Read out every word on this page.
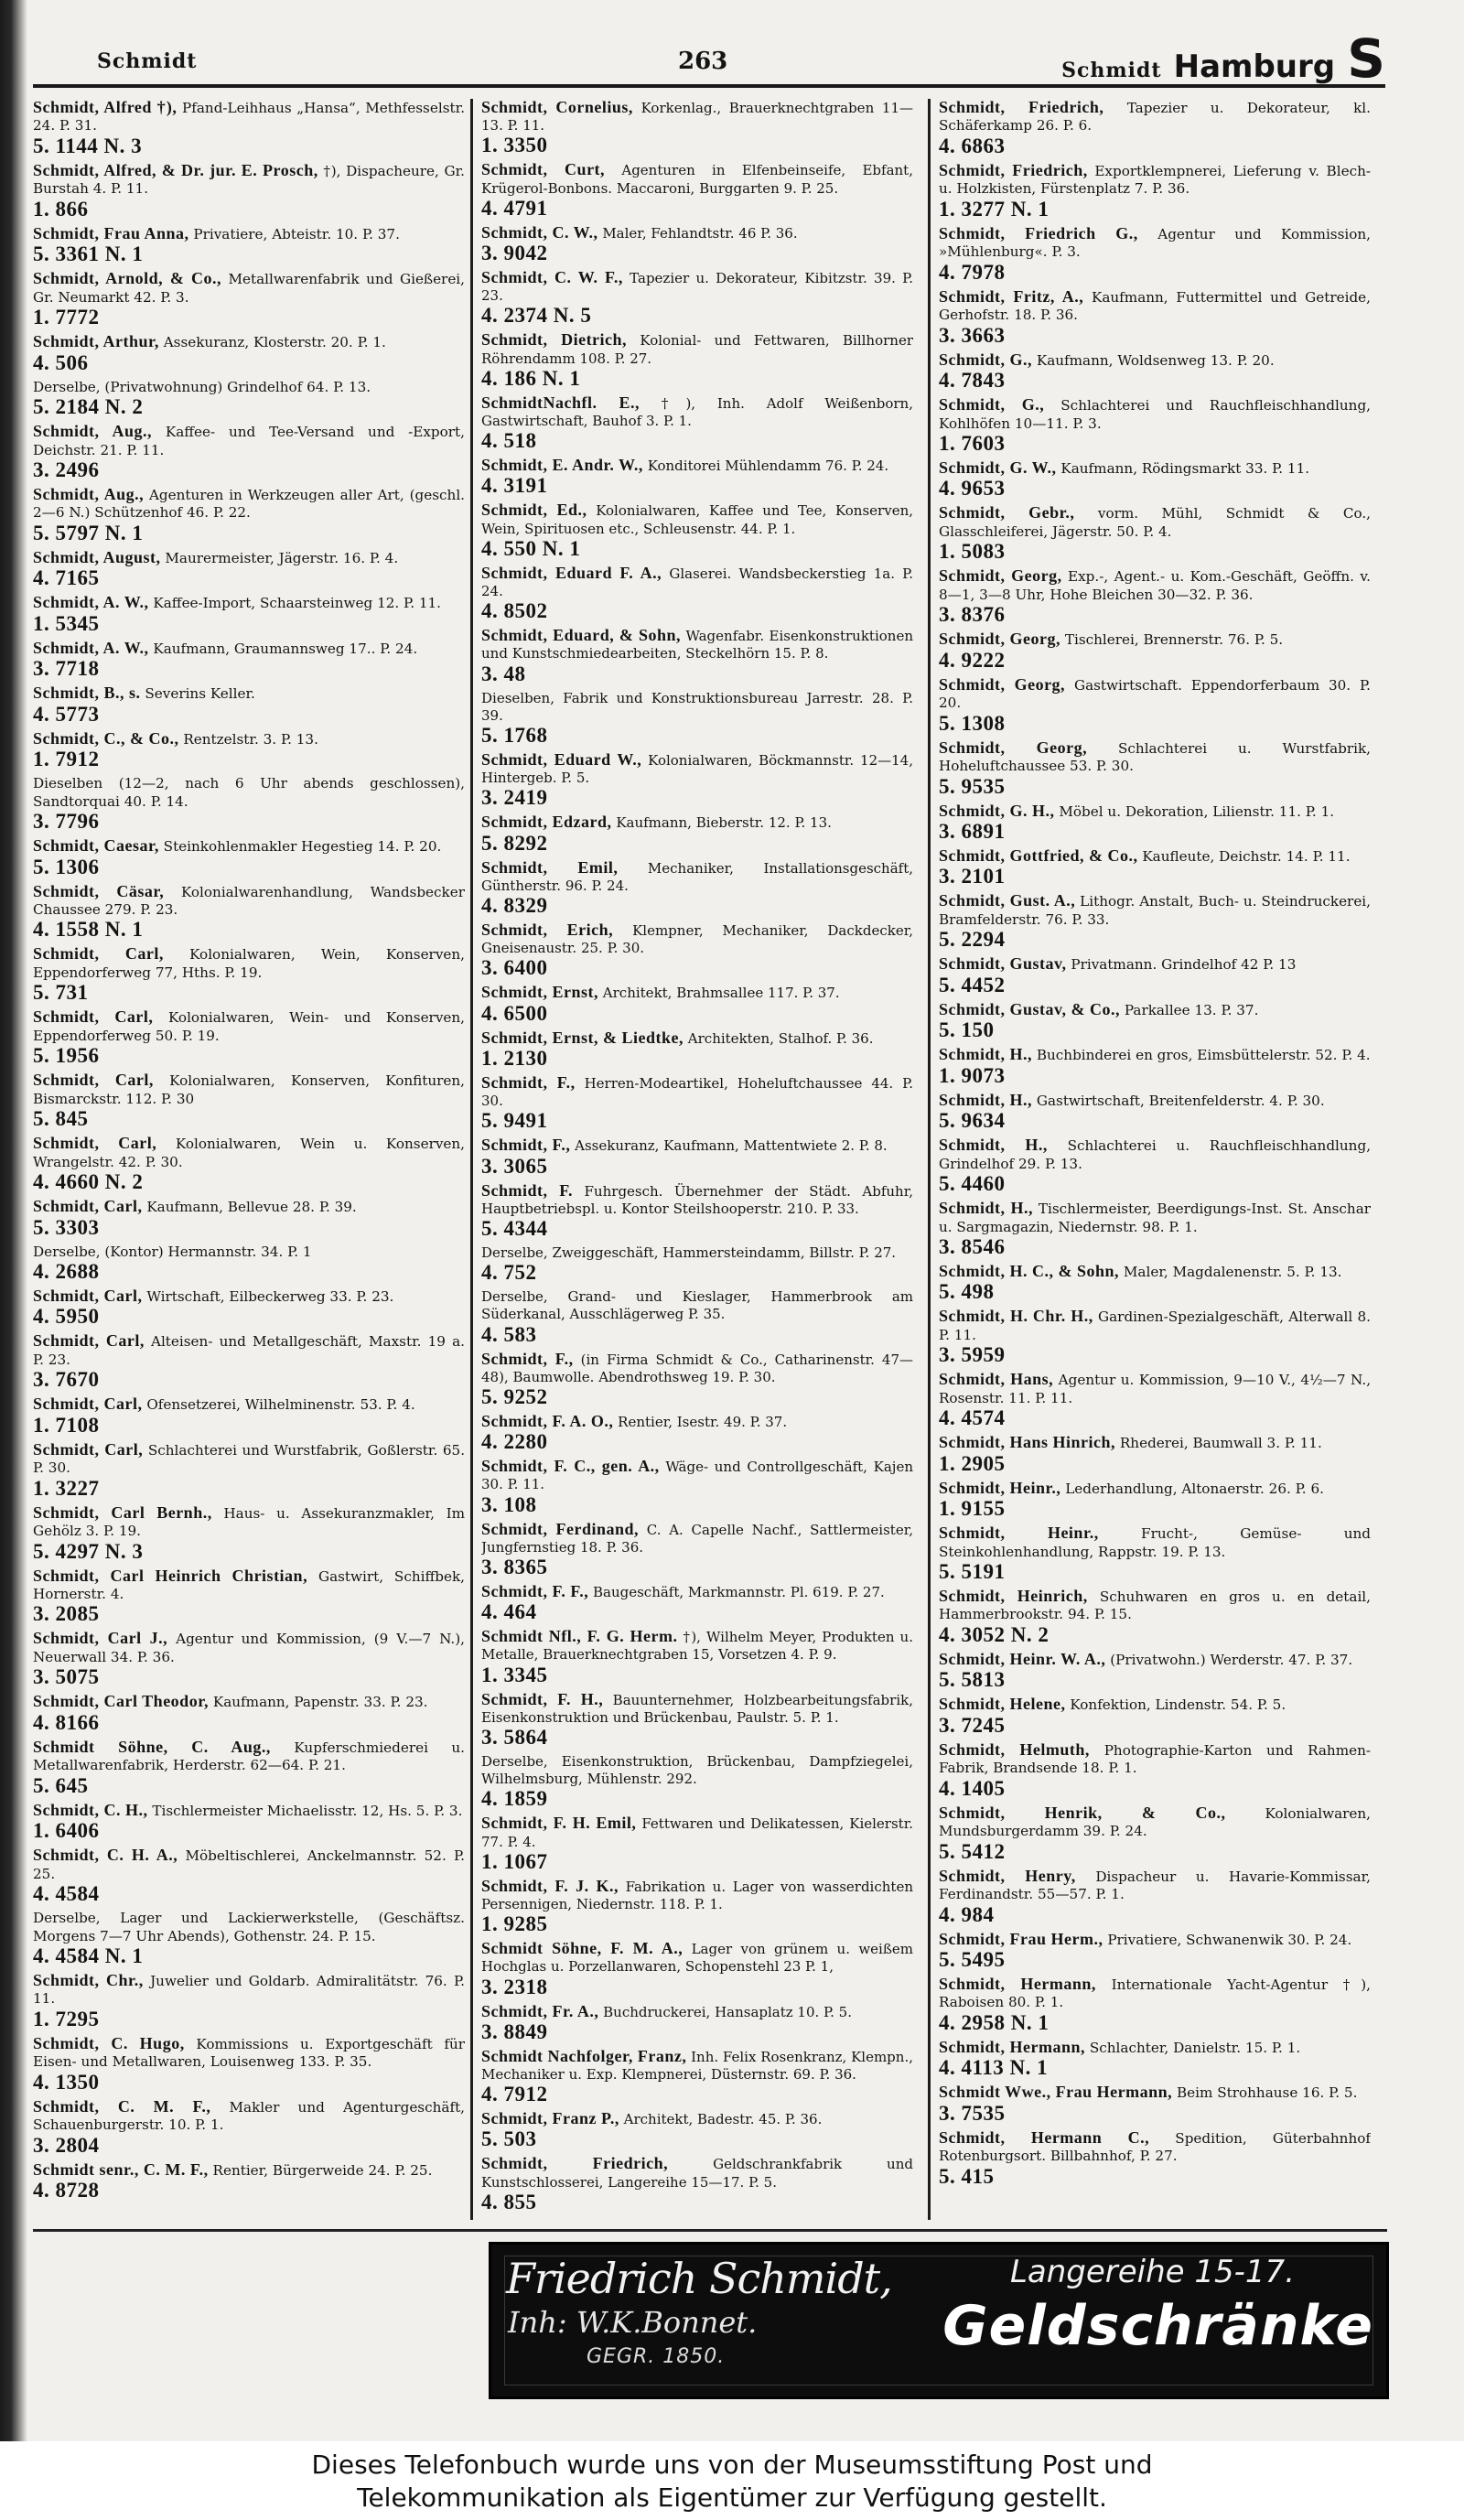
Schmidt	263	Schmidt Hamburg S

Schmidt, Alfred †), Pfand-Leihhaus „Hansa“, Methfesselstr. 24. P. 31.
5. 1144 N. 3

Schmidt, Alfred, & Dr. jur. E. Prosch, †), Dispacheure, Gr. Burstah 4. P. 11.
1. 866

Schmidt, Frau Anna, Privatiere, Abteistr. 10. P. 37.
5. 3361 N. 1

Schmidt, Arnold, & Co., Metallwarenfabrik und Gießerei, Gr. Neumarkt 42. P. 3.
1. 7772

Schmidt, Arthur, Assekuranz, Klosterstr. 20. P. 1.
4. 506

Derselbe, (Privatwohnung) Grindelhof 64. P. 13.
5. 2184 N. 2

Schmidt, Aug., Kaffee- und Tee-Versand und -Export, Deichstr. 21. P. 11.
3. 2496

Schmidt, Aug., Agenturen in Werkzeugen aller Art, (geschl. 2—6 N.) Schützenhof 46. P. 22.
5. 5797 N. 1

Schmidt, August, Maurermeister, Jägerstr. 16. P. 4.
4. 7165

Schmidt, A. W., Kaffee-Import, Schaarsteinweg 12. P. 11.
1. 5345

Schmidt, A. W., Kaufmann, Graumannsweg 17.. P. 24.
3. 7718

Schmidt, B., s. Severins Keller.
4. 5773

Schmidt, C., & Co., Rentzelstr. 3. P. 13.
1. 7912

Dieselben (12—2, nach 6 Uhr abends geschlossen), Sandtorquai 40. P. 14.
3. 7796

Schmidt, Caesar, Steinkohlenmakler Hegestieg 14. P. 20.
5. 1306

Schmidt, Cäsar, Kolonialwarenhandlung, Wandsbecker Chaussee 279. P. 23.
4. 1558 N. 1

Schmidt, Carl, Kolonialwaren, Wein, Konserven, Eppendorferweg 77, Hths. P. 19.
5. 731

Schmidt, Carl, Kolonialwaren, Wein- und Konserven, Eppendorferweg 50. P. 19.
5. 1956

Schmidt, Carl, Kolonialwaren, Konserven, Konfituren, Bismarckstr. 112. P. 30
5. 845

Schmidt, Carl, Kolonialwaren, Wein u. Konserven, Wrangelstr. 42. P. 30.
4. 4660 N. 2

Schmidt, Carl, Kaufmann, Bellevue 28. P. 39.
5. 3303

Derselbe, (Kontor) Hermannstr. 34. P. 1
4. 2688

Schmidt, Carl, Wirtschaft, Eilbeckerweg 33. P. 23.
4. 5950

Schmidt, Carl, Alteisen- und Metallgeschäft, Maxstr. 19 a. P. 23.
3. 7670

Schmidt, Carl, Ofensetzerei, Wilhelminenstr. 53. P. 4.
1. 7108

Schmidt, Carl, Schlachterei und Wurstfabrik, Goßlerstr. 65. P. 30.
1. 3227

Schmidt, Carl Bernh., Haus- u. Assekuranzmakler, Im Gehölz 3. P. 19.
5. 4297 N. 3

Schmidt, Carl Heinrich Christian, Gastwirt, Schiffbek, Hornerstr. 4.
3. 2085

Schmidt, Carl J., Agentur und Kommission, (9 V.—7 N.), Neuerwall 34. P. 36.
3. 5075

Schmidt, Carl Theodor, Kaufmann, Papenstr. 33. P. 23.
4. 8166

Schmidt Söhne, C. Aug., Kupferschmiederei u. Metallwarenfabrik, Herderstr. 62—64. P. 21.
5. 645

Schmidt, C. H., Tischlermeister Michaelisstr. 12, Hs. 5. P. 3.
1. 6406

Schmidt, C. H. A., Möbeltischlerei, Anckelmannstr. 52. P. 25.
4. 4584

Derselbe, Lager und Lackierwerkstelle, (Geschäftsz. Morgens 7—7 Uhr Abends), Gothenstr. 24. P. 15.
4. 4584 N. 1

Schmidt, Chr., Juwelier und Goldarb. Admiralitätstr. 76. P. 11.
1. 7295

Schmidt, C. Hugo, Kommissions u. Exportgeschäft für Eisen- und Metallwaren, Louisenweg 133. P. 35.
4. 1350

Schmidt, C. M. F., Makler und Agenturgeschäft, Schauenburgerstr. 10. P. 1.
3. 2804

Schmidt senr., C. M. F., Rentier, Bürgerweide 24. P. 25.
4. 8728

Schmidt, Cornelius, Korkenlag., Brauerknechtgraben 11—13. P. 11.
1. 3350

Schmidt, Curt, Agenturen in Elfenbeinseife, Ebfant, Krügerol-Bonbons. Maccaroni, Burggarten 9. P. 25.
4. 4791

Schmidt, C. W., Maler, Fehlandtstr. 46 P. 36.
3. 9042

Schmidt, C. W. F., Tapezier u. Dekorateur, Kibitzstr. 39. P. 23.
4. 2374 N. 5

Schmidt, Dietrich, Kolonial- und Fettwaren, Billhorner Röhrendamm 108. P. 27.
4. 186 N. 1

SchmidtNachfl. E., †), Inh. Adolf Weißenborn, Gastwirtschaft, Bauhof 3. P. 1.
4. 518

Schmidt, E. Andr. W., Konditorei Mühlendamm 76. P. 24.
4. 3191

Schmidt, Ed., Kolonialwaren, Kaffee und Tee, Konserven, Wein, Spirituosen etc., Schleusenstr. 44. P. 1.
4. 550 N. 1

Schmidt, Eduard F. A., Glaserei. Wandsbeckerstieg 1a. P. 24.
4. 8502

Schmidt, Eduard, & Sohn, Wagenfabr. Eisenkonstruktionen und Kunstschmiedearbeiten, Steckelhörn 15. P. 8.
3. 48

Dieselben, Fabrik und Konstruktionsbureau Jarrestr. 28. P. 39.
5. 1768

Schmidt, Eduard W., Kolonialwaren, Böckmannstr. 12—14, Hintergeb. P. 5.
3. 2419

Schmidt, Edzard, Kaufmann, Bieberstr. 12. P. 13.
5. 8292

Schmidt, Emil, Mechaniker, Installationsgeschäft, Güntherstr. 96. P. 24.
4. 8329

Schmidt, Erich, Klempner, Mechaniker, Dackdecker, Gneisenaustr. 25. P. 30.
3. 6400

Schmidt, Ernst, Architekt, Brahmsallee 117. P. 37.
4. 6500

Schmidt, Ernst, & Liedtke, Architekten, Stalhof. P. 36.
1. 2130

Schmidt, F., Herren-Modeartikel, Hoheluftchaussee 44. P. 30.
5. 9491

Schmidt, F., Assekuranz, Kaufmann, Mattentwiete 2. P. 8.
3. 3065

Schmidt, F. Fuhrgesch. Übernehmer der Städt. Abfuhr, Hauptbetriebspl. u. Kontor Steilshooperstr. 210. P. 33.
5. 4344

Derselbe, Zweiggeschäft, Hammersteindamm, Billstr. P. 27.
4. 752

Derselbe, Grand- und Kieslager, Hammerbrook am Süderkanal, Ausschlägerweg P. 35.
4. 583

Schmidt, F., (in Firma Schmidt & Co., Catharinenstr. 47—48), Baumwolle. Abendrothsweg 19. P. 30.
5. 9252

Schmidt, F. A. O., Rentier, Isestr. 49. P. 37.
4. 2280

Schmidt, F. C., gen. A., Wäge- und Controllgeschäft, Kajen 30. P. 11.
3. 108

Schmidt, Ferdinand, C. A. Capelle Nachf., Sattlermeister, Jungfernstieg 18. P. 36.
3. 8365

Schmidt, F. F., Baugeschäft, Markmannstr. Pl. 619. P. 27.
4. 464

Schmidt Nfl., F. G. Herm. †), Wilhelm Meyer, Produkten u. Metalle, Brauerknechtgraben 15, Vorsetzen 4. P. 9.
1. 3345

Schmidt, F. H., Bauunternehmer, Holzbearbeitungsfabrik, Eisenkonstruktion und Brückenbau, Paulstr. 5. P. 1.
3. 5864

Derselbe, Eisenkonstruktion, Brückenbau, Dampfziegelei, Wilhelmsburg, Mühlenstr. 292.
4. 1859

Schmidt, F. H. Emil, Fettwaren und Delikatessen, Kielerstr. 77. P. 4.
1. 1067

Schmidt, F. J. K., Fabrikation u. Lager von wasserdichten Persennigen, Niedernstr. 118. P. 1.
1. 9285

Schmidt Söhne, F. M. A., Lager von grünem u. weißem Hochglas u. Porzellanwaren, Schopenstehl 23 P. 1,
3. 2318

Schmidt, Fr. A., Buchdruckerei, Hansaplatz 10. P. 5.
3. 8849

Schmidt Nachfolger, Franz, Inh. Felix Rosenkranz, Klempn., Mechaniker u. Exp. Klempnerei, Düsternstr. 69. P. 36.
4. 7912

Schmidt, Franz P., Architekt, Badestr. 45. P. 36.
5. 503

Schmidt, Friedrich,	Geldschrankfabrik und Kunstschlosserei, Langereihe 15—17. P. 5.
4. 855

Schmidt, Friedrich, Tapezier u. Dekorateur, kl. Schäferkamp 26. P. 6.
4. 6863

Schmidt, Friedrich, Exportklempnerei, Lieferung v. Blech- u. Holzkisten, Fürstenplatz 7. P. 36.
1. 3277 N. 1

Schmidt, Friedrich G., Agentur und Kommission, »Mühlenburg«. P. 3.
4. 7978

Schmidt, Fritz, A., Kaufmann, Futtermittel und Getreide, Gerhofstr. 18. P. 36.
3. 3663

Schmidt, G., Kaufmann, Woldsenweg 13. P. 20.
4. 7843

Schmidt, G., Schlachterei und Rauchfleischhandlung, Kohlhöfen 10—11. P. 3.
1. 7603

Schmidt, G. W., Kaufmann, Rödingsmarkt 33. P. 11.
4. 9653

Schmidt, Gebr., vorm. Mühl, Schmidt & Co., Glasschleiferei, Jägerstr. 50. P. 4.
1. 5083

Schmidt, Georg, Exp.-, Agent.- u. Kom.-Geschäft, Geöffn. v. 8—1, 3—8 Uhr, Hohe Bleichen 30—32. P. 36.
3. 8376

Schmidt, Georg, Tischlerei, Brennerstr. 76. P. 5.
4. 9222

Schmidt, Georg, Gastwirtschaft. Eppendorferbaum 30. P. 20.
5. 1308

Schmidt, Georg, Schlachterei u. Wurstfabrik, Hoheluftchaussee 53. P. 30.
5. 9535

Schmidt, G. H., Möbel u. Dekoration, Lilienstr. 11. P. 1.
3. 6891

Schmidt, Gottfried, & Co., Kaufleute, Deichstr. 14. P. 11.
3. 2101

Schmidt, Gust. A., Lithogr. Anstalt, Buch- u. Steindruckerei, Bramfelderstr. 76. P. 33.
5. 2294

Schmidt, Gustav, Privatmann. Grindelhof 42 P. 13
5. 4452

Schmidt, Gustav, & Co., Parkallee 13. P. 37.
5. 150

Schmidt, H., Buchbinderei en gros, Eimsbüttelerstr. 52. P. 4.
1. 9073

Schmidt, H., Gastwirtschaft, Breitenfelderstr. 4. P. 30.
5. 9634

Schmidt, H., Schlachterei u. Rauchfleischhandlung, Grindelhof 29. P. 13.
5. 4460

Schmidt, H., Tischlermeister, Beerdigungs-Inst. St. Anschar u. Sargmagazin, Niedernstr. 98. P. 1.
3. 8546

Schmidt, H. C., & Sohn, Maler, Magdalenenstr. 5. P. 13.
5. 498

Schmidt, H. Chr. H., Gardinen-Spezialgeschäft, Alterwall 8. P. 11.
3. 5959

Schmidt, Hans, Agentur u. Kommission, 9—10 V., 4½—7 N., Rosenstr. 11. P. 11.
4. 4574

Schmidt, Hans Hinrich, Rhederei, Baumwall 3. P. 11.
1. 2905

Schmidt, Heinr., Lederhandlung, Altonaerstr. 26. P. 6.
1. 9155

Schmidt, Heinr.,	Frucht-, Gemüse- und Steinkohlenhandlung, Rappstr. 19. P. 13.
5. 5191

Schmidt, Heinrich, Schuhwaren en gros u. en detail, Hammerbrookstr. 94. P. 15.
4. 3052 N. 2

Schmidt, Heinr. W. A., (Privatwohn.) Werderstr. 47. P. 37.
5. 5813

Schmidt, Helene, Konfektion, Lindenstr. 54. P. 5.
3. 7245

Schmidt, Helmuth, Photographie-Karton und Rahmen-Fabrik, Brandsende 18. P. 1.
4. 1405

Schmidt, Henrik, & Co.,	Kolonialwaren, Mundsburgerdamm 39. P. 24.
5. 5412

Schmidt, Henry, Dispacheur u. Havarie-Kommissar, Ferdinandstr. 55—57. P. 1.
4. 984

Schmidt, Frau Herm., Privatiere, Schwanenwik 30. P. 24.
5. 5495

Schmidt, Hermann, Internationale Yacht-Agentur †), Raboisen 80. P. 1.
4. 2958 N. 1

Schmidt, Hermann, Schlachter, Danielstr. 15. P. 1.
4. 4113 N. 1

Schmidt Wwe., Frau Hermann, Beim Strohhause 16. P. 5.
3. 7535

Schmidt, Hermann C., Spedition, Güterbahnhof Rotenburgsort. Billbahnhof, P. 27.
5. 415

Friedrich Schmidt,
Inh: W.K.Bonnet.
GEGR. 1850.
Langereihe 15-17.
Geldschränke
Dieses Telefonbuch wurde uns von der Museumsstiftung Post und
Telekommunikation als Eigentümer zur Verfügung gestellt.
